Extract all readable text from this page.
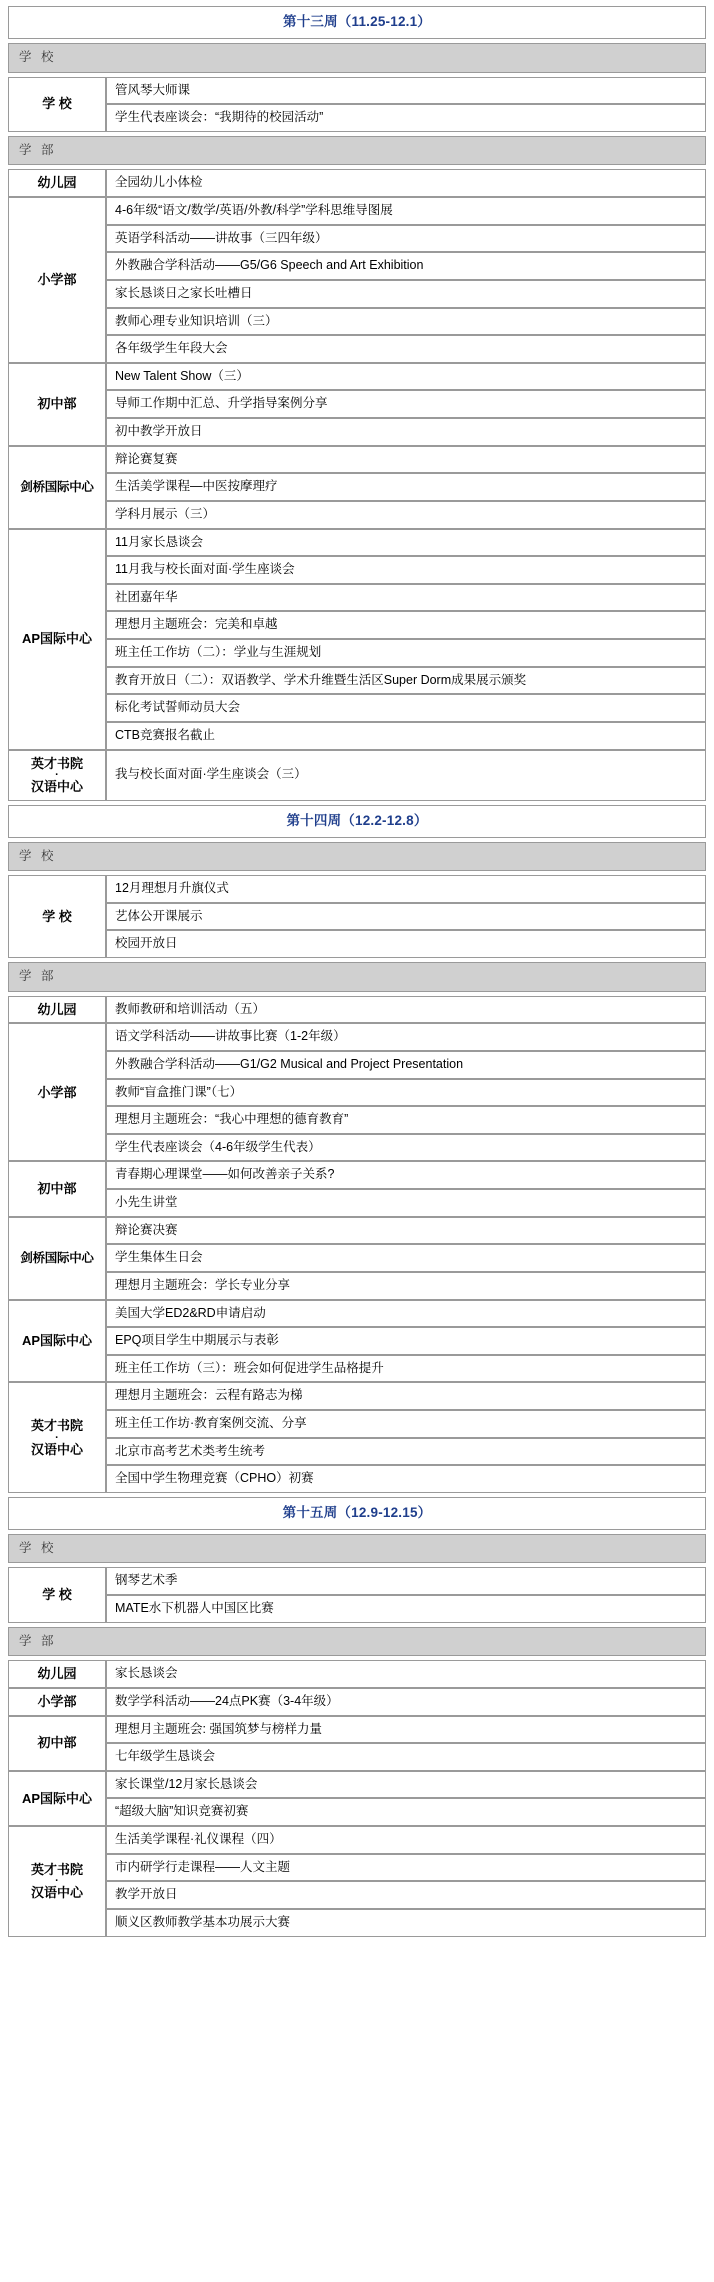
第十三周（11.25-12.1）
学 校
学 校	管风琴大师课
学生代表座谈会：“我期待的校园活动”
学 部
幼儿园	全园幼儿小体检
小学部	4-6年级“语文/数学/英语/外教/科学”学科思维导图展
	英语学科活动——讲故事（三四年级）
	外教融合学科活动——G5/G6 Speech and Art Exhibition
	家长恳谈日之家长吐槽日
	教师心理专业知识培训（三）
	各年级学生年段大会
初中部	New Talent Show（三）
	导师工作期中汇总、升学指导案例分享
	初中教学开放日
剑桥国际中心	辩论赛复赛
	生活美学课程—中医按摩理疗
	学科月展示（三）
AP国际中心	11月家长恳谈会
	11月我与校长面对面·学生座谈会
	社团嘉年华
	理想月主题班会：完美和卓越
	班主任工作坊（二）：学业与生涯规划
	教育开放日（二）：双语教学、学术升维暨生活区Super Dorm成果展示颁奖
	标化考试誓师动员大会
	CTB竞赛报名截止

英才书院
·
汉语中心	我与校长面对面·学生座谈会（三）
第十四周（12.2-12.8）
学 校
学 校	12月理想月升旗仪式
艺体公开课展示
校园开放日
学 部
幼儿园	教师教研和培训活动（五）
小学部	语文学科活动——讲故事比赛（1-2年级）
	外教融合学科活动——G1/G2 Musical and Project Presentation
	教师“盲盒推门课”（七）
	理想月主题班会：“我心中理想的德育教育”
	学生代表座谈会（4-6年级学生代表）
初中部	青春期心理课堂——如何改善亲子关系?
	小先生讲堂
剑桥国际中心	辩论赛决赛
	学生集体生日会
	理想月主题班会：学长专业分享
AP国际中心	美国大学ED2&RD申请启动
	EPQ项目学生中期展示与表彰
	班主任工作坊（三）：班会如何促进学生品格提升

英才书院
·
汉语中心	理想月主题班会：云程有路志为梯
	班主任工作坊·教育案例交流、分享
	北京市高考艺术类考生统考
	全国中学生物理竞赛（CPHO）初赛
第十五周（12.9-12.15）
学 校
学 校	钢琴艺术季
MATE水下机器人中国区比赛
学 部
幼儿园	家长恳谈会
小学部	数学学科活动——24点PK赛（3-4年级）
初中部	理想月主题班会: 强国筑梦与榜样力量
	七年级学生恳谈会
AP国际中心	家长课堂/12月家长恳谈会
	“超级大脑”知识竞赛初赛

英才书院
·
汉语中心	生活美学课程·礼仪课程（四）
	市内研学行走课程——人文主题
	教学开放日
	顺义区教师教学基本功展示大赛
